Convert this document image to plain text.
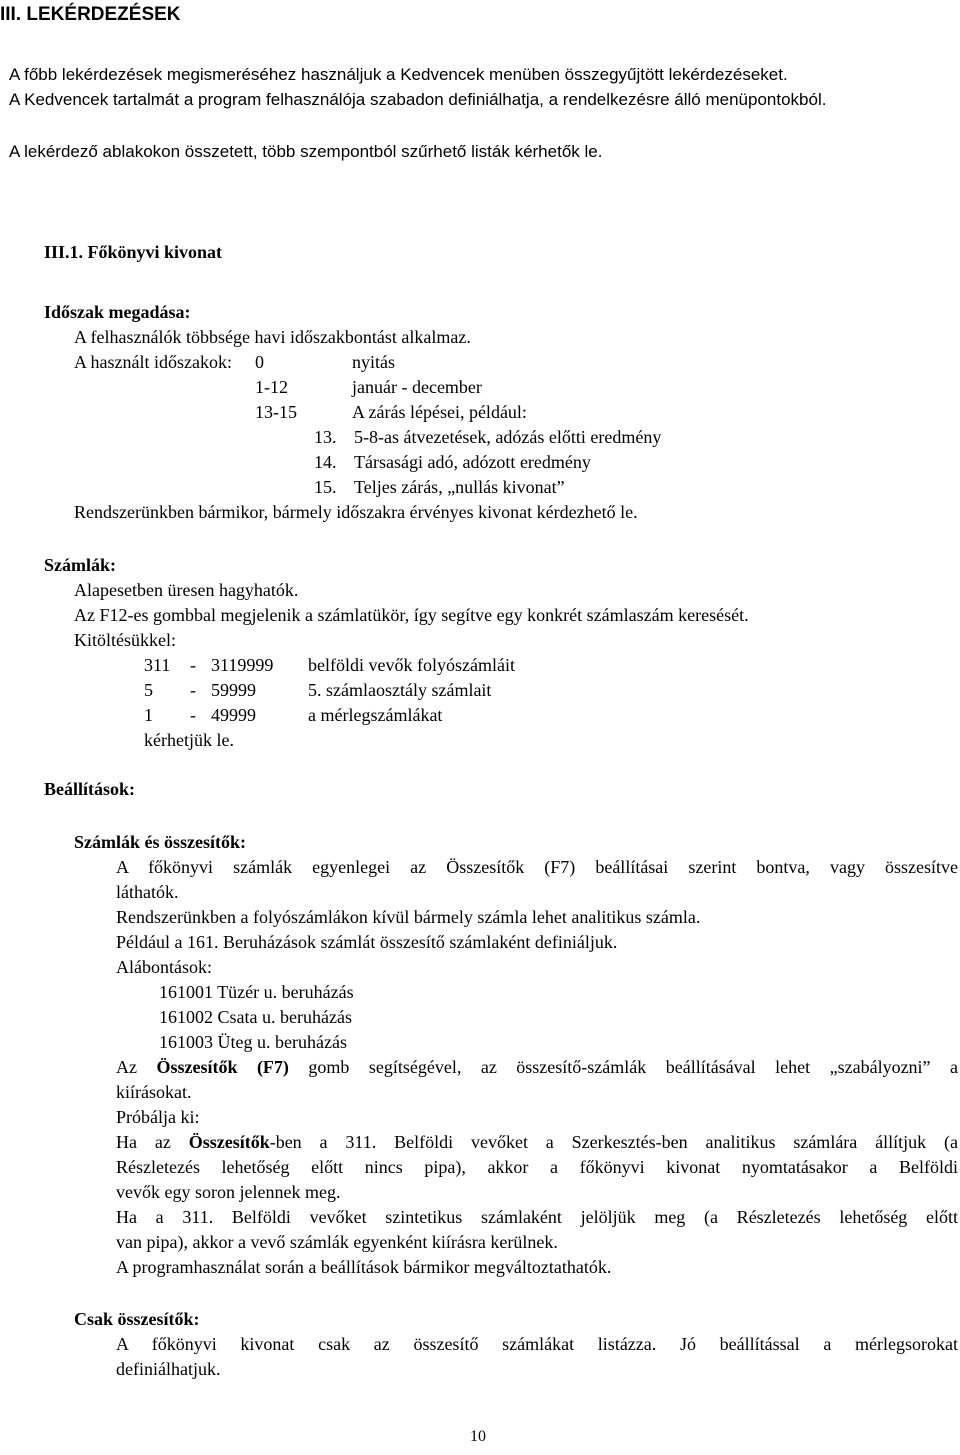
III. LEKÉRDEZÉSEK
A főbb lekérdezések megismeréséhez használjuk a Kedvencek menüben összegyűjtött lekérdezéseket.
A Kedvencek tartalmát a program felhasználója szabadon definiálhatja, a rendelkezésre álló menüpontokból.
A lekérdező ablakokon összetett, több szempontból szűrhető listák kérhetők le.
III.1. Főkönyvi kivonat
Időszak megadása:
A felhasználók többsége havi időszakbontást alkalmaz.
A használt időszakok: 0	nyitás
1-12	január - december
13-15	A zárás lépései, például:
13. 5-8-as átvezetések, adózás előtti eredmény
14. Társasági adó, adózott eredmény
15. Teljes zárás, „nullás kivonat”
Rendszerünkben bármikor, bármely időszakra érvényes kivonat kérdezhető le.
Számlák:
Alapesetben üresen hagyhatók.
Az F12-es gombbal megjelenik a számlatükör, így segítve egy konkrét számlaszám keresését.
Kitöltésükkel:
311 - 3119999 belföldi vevők folyószámláit
5 - 59999	5. számlaosztály számlait
1 - 49999	a mérlegszámlákat
kérhetjük le.
Beállítások:
Számlák és összesítők:
A főkönyvi számlák egyenlegei az Összesítők (F7) beállításai szerint bontva, vagy összesítve
láthatók.
Rendszerünkben a folyószámlákon kívül bármely számla lehet analitikus számla.
Például a 161. Beruházások számlát összesítő számlaként definiáljuk.
Alábontások:
161001 Tüzér u. beruházás
161002 Csata u. beruházás
161003 Üteg u. beruházás
Az Összesítők (F7) gomb segítségével, az összesítő-számlák beállításával lehet „szabályozni” a
kiírásokat.
Próbálja ki:
Ha az Összesítők-ben a 311. Belföldi vevőket a Szerkesztés-ben analitikus számlára állítjuk (a
Részletezés lehetőség előtt nincs pipa), akkor a főkönyvi kivonat nyomtatásakor a Belföldi
vevők egy soron jelennek meg.
Ha a 311. Belföldi vevőket szintetikus számlaként jelöljük meg (a Részletezés lehetőség előtt
van pipa), akkor a vevő számlák egyenként kiírásra kerülnek.
A programhasználat során a beállítások bármikor megváltoztathatók.
Csak összesítők:
A főkönyvi kivonat csak az összesítő számlákat listázza. Jó beállítással a mérlegsorokat
definiálhatjuk.
10
